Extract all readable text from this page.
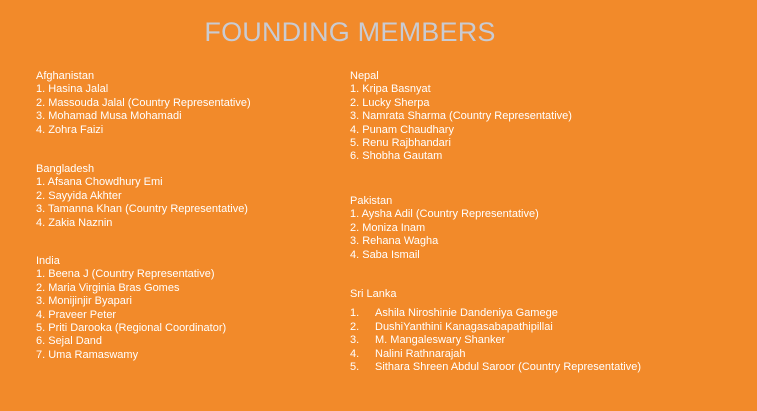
FOUNDING MEMBERS
Afghanistan
1. Hasina Jalal
2. Massouda Jalal (Country Representative)
3. Mohamad Musa Mohamadi
4. Zohra Faizi
Bangladesh
1. Afsana Chowdhury Emi
2. Sayyida Akhter
3. Tamanna Khan (Country Representative)
4. Zakia Naznin
India
1. Beena J (Country Representative)
2. Maria Virginia Bras Gomes
3. Monijinjir Byapari
4. Praveer Peter
5. Priti Darooka (Regional Coordinator)
6. Sejal Dand
7. Uma Ramaswamy
Nepal
1. Kripa Basnyat
2. Lucky Sherpa
3. Namrata Sharma (Country Representative)
4. Punam Chaudhary
5. Renu Rajbhandari
6. Shobha Gautam
Pakistan
1. Aysha Adil (Country Representative)
2. Moniza Inam
3. Rehana Wagha
4. Saba Ismail
Sri Lanka
1.	Ashila Niroshinie Dandeniya Gamege
2.	DushiYanthini Kanagasabapathipillai
3.	M. Mangaleswary Shanker
4.	Nalini Rathnarajah
5.	Sithara Shreen Abdul Saroor (Country Representative)
